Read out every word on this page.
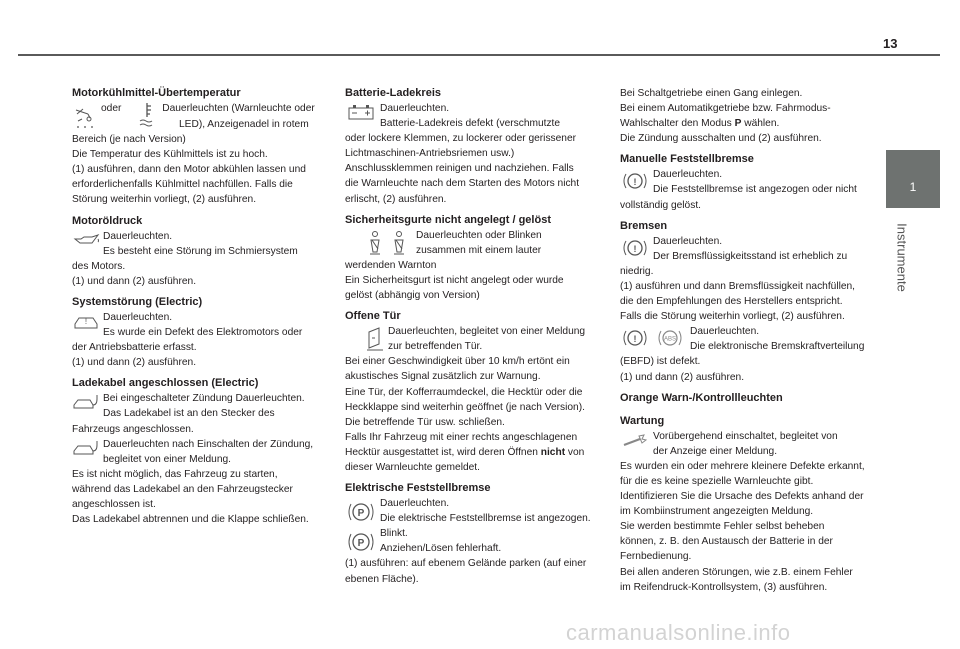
13
1
Instrumente

Motorkühlmittel-Übertemperatur

oder	Dauerleuchten (Warnleuchte oder

LED), Anzeigenadel in rotem

Bereich (je nach Version)

Die Temperatur des Kühlmittels ist zu hoch.

(1) ausführen, dann den Motor abkühlen lassen und

erforderlichenfalls Kühlmittel nachfüllen. Falls die

Störung weiterhin vorliegt, (2) ausführen.

Motoröldruck

Dauerleuchten.

Es besteht eine Störung im Schmiersystem

des Motors.

(1) und dann (2) ausführen.

Systemstörung (Electric)

! Dauerleuchten.

Es wurde ein Defekt des Elektromotors oder

der Antriebsbatterie erfasst.

(1) und dann (2) ausführen.

Ladekabel angeschlossen (Electric)

Bei eingeschalteter Zündung Dauerleuchten.

Das Ladekabel ist an den Stecker des

Fahrzeugs angeschlossen.

Dauerleuchten nach Einschalten der Zündung,

begleitet von einer Meldung.

Es ist nicht möglich, das Fahrzeug zu starten,

während das Ladekabel an den Fahrzeugstecker

angeschlossen ist.

Das Ladekabel abtrennen und die Klappe schließen.

Batterie-Ladekreis

Dauerleuchten.

Batterie-Ladekreis defekt (verschmutzte

oder lockere Klemmen, zu lockerer oder gerissener

Lichtmaschinen-Antriebsriemen usw.)

Anschlussklemmen reinigen und nachziehen. Falls

die Warnleuchte nach dem Starten des Motors nicht

erlischt, (2) ausführen.

Sicherheitsgurte nicht angelegt / gelöst

Dauerleuchten oder Blinken

zusammen mit einem lauter

werdenden Warnton

Ein Sicherheitsgurt ist nicht angelegt oder wurde

gelöst (abhängig von Version)

Offene Tür

Dauerleuchten, begleitet von einer Meldung

zur betreffenden Tür.

Bei einer Geschwindigkeit über 10 km/h ertönt ein

akustisches Signal zusätzlich zur Warnung.

Eine Tür, der Kofferraumdeckel, die Hecktür oder die

Heckklappe sind weiterhin geöffnet (je nach Version).

Die betreffende Tür usw. schließen.

Falls Ihr Fahrzeug mit einer rechts angeschlagenen

Hecktür ausgestattet ist, wird deren Öffnen nicht von

dieser Warnleuchte gemeldet.

Elektrische Feststellbremse

P

Dauerleuchten.

Die elektrische Feststellbremse ist angezogen.

P

Blinkt.

Anziehen/Lösen fehlerhaft.

(1) ausführen: auf ebenem Gelände parken (auf einer

ebenen Fläche).

Bei Schaltgetriebe einen Gang einlegen.

Bei einem Automatikgetriebe bzw. Fahrmodus-

Wahlschalter den Modus P wählen.

Die Zündung ausschalten und (2) ausführen.

Manuelle Feststellbremse

!

Dauerleuchten.

Die Feststellbremse ist angezogen oder nicht

vollständig gelöst.

Bremsen

!

Dauerleuchten.

Der Bremsflüssigkeitsstand ist erheblich zu

niedrig.

(1) ausführen und dann Bremsflüssigkeit nachfüllen,

die den Empfehlungen des Herstellers entspricht.

Falls die Störung weiterhin vorliegt, (2) ausführen.

!	ABS

Dauerleuchten.

Die elektronische Bremskraftverteilung

(EBFD) ist defekt.

(1) und dann (2) ausführen.

Orange Warn-/Kontrollleuchten

Wartung

Vorübergehend einschaltet, begleitet von

der Anzeige einer Meldung.

Es wurden ein oder mehrere kleinere Defekte erkannt,

für die es keine spezielle Warnleuchte gibt.

Identifizieren Sie die Ursache des Defekts anhand der

im Kombiinstrument angezeigten Meldung.

Sie werden bestimmte Fehler selbst beheben

können, z. B. den Austausch der Batterie in der

Fernbedienung.

Bei allen anderen Störungen, wie z.B. einem Fehler

im Reifendruck-Kontrollsystem, (3) ausführen.

carmanualsonline.info
